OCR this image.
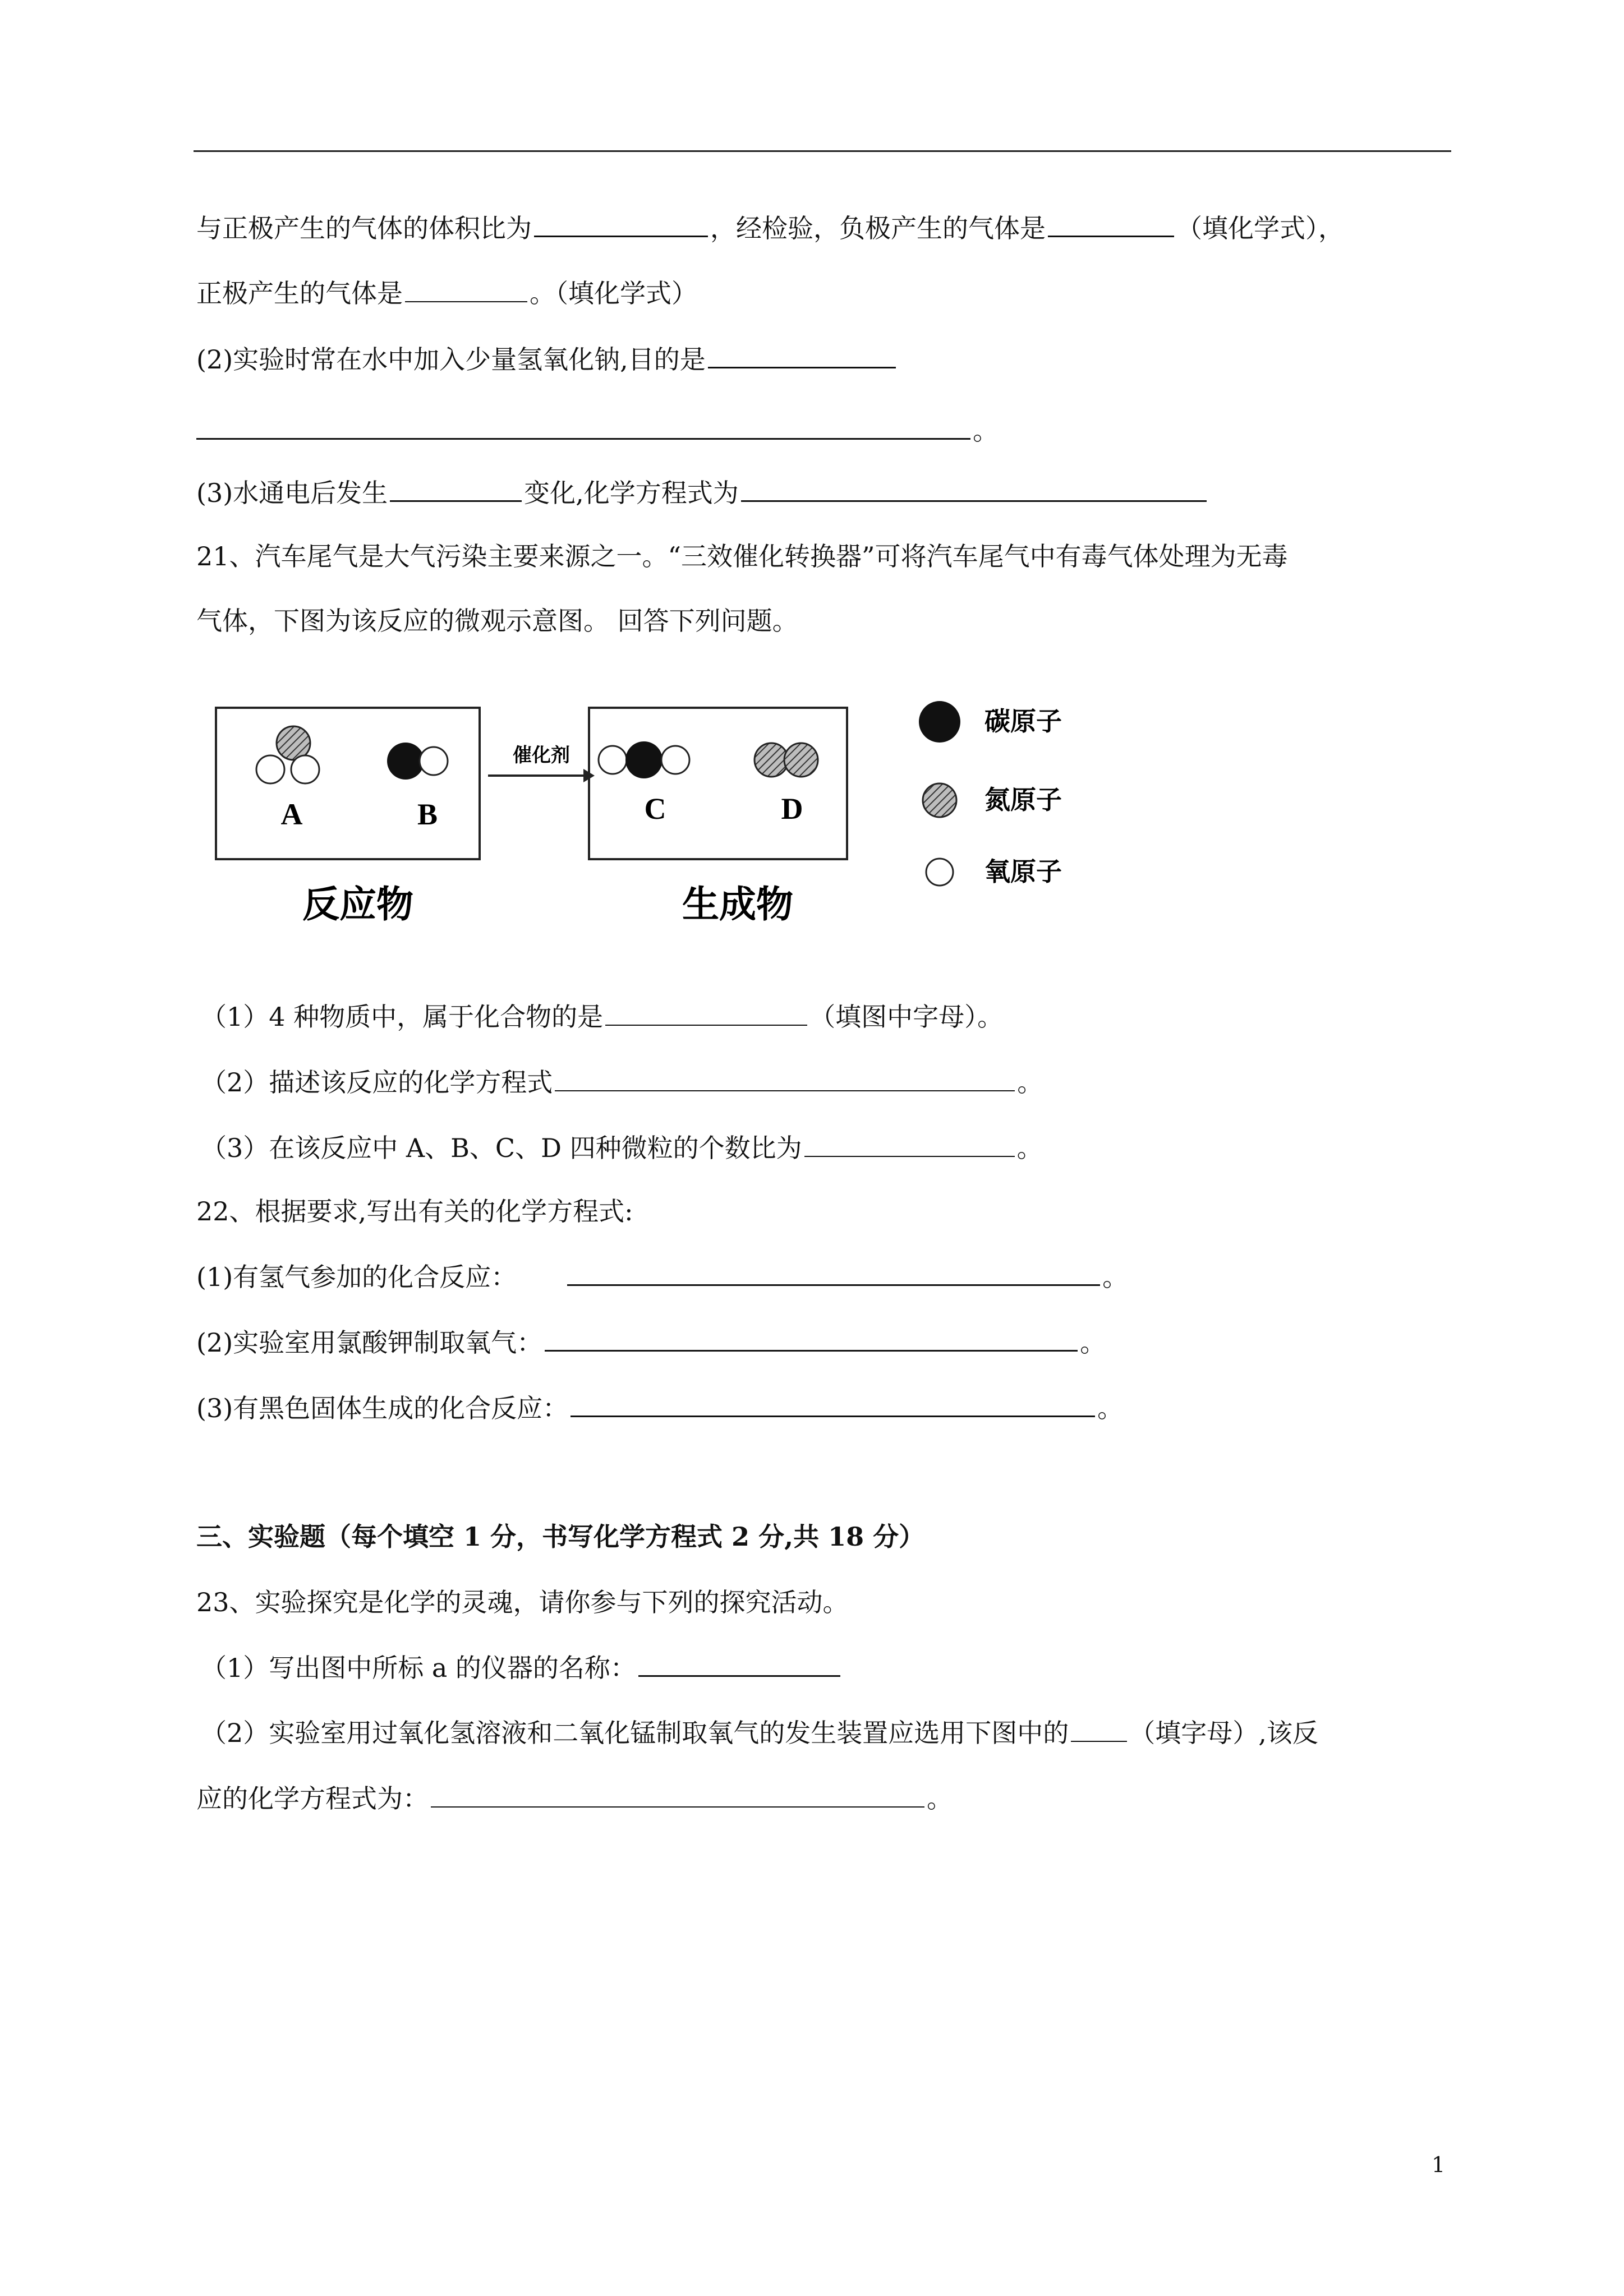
与正极产生的气体的体积比为	，经检验，负极产生的气体是	（填化学式），
正极产生的气体是	。（填化学式）
(2)实验时常在水中加入少量氢氧化钠,目的是
。
(3)水通电后发生	变化,化学方程式为
21、汽车尾气是大气污染主要来源之一。“三效催化转换器”可将汽车尾气中有毒气体处理为无毒
气体，下图为该反应的微观示意图。 回答下列问题。
A	B
催化剂
C	D
反应物	生成物
碳原子
氮原子
氧原子
（1）4 种物质中，属于化合物的是	（填图中字母）。
（2）描述该反应的化学方程式	。
（3）在该反应中 A、B、C、D 四种微粒的个数比为	。
22、根据要求,写出有关的化学方程式:
(1)有氢气参加的化合反应：	。
(2)实验室用氯酸钾制取氧气：	。
(3)有黑色固体生成的化合反应：	。
三、实验题（每个填空 1 分，书写化学方程式 2 分,共 18 分）
23、实验探究是化学的灵魂，请你参与下列的探究活动。
（1）写出图中所标 a 的仪器的名称：
（2）实验室用过氧化氢溶液和二氧化锰制取氧气的发生装置应选用下图中的 （填字母）,该反
应的化学方程式为：	。
1
